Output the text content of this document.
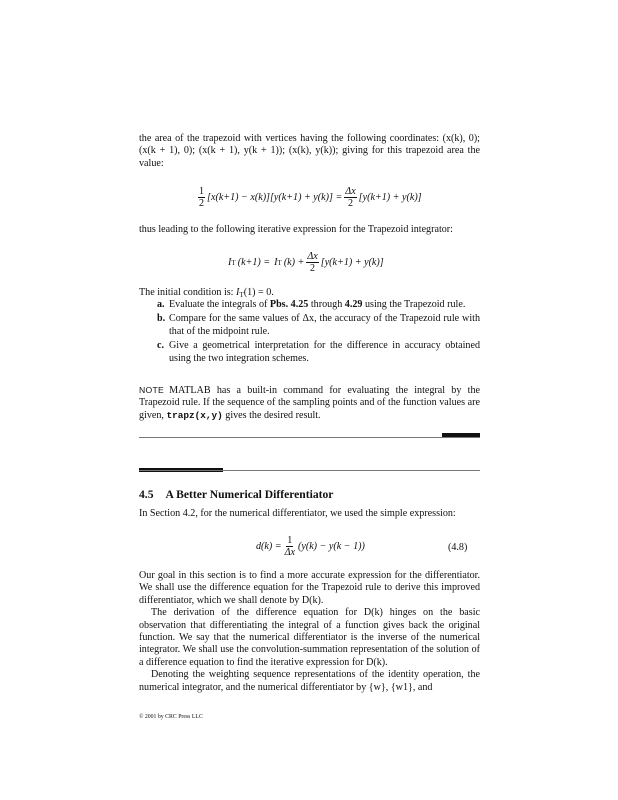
the area of the trapezoid with vertices having the following coordinates: (x(k), 0); (x(k + 1), 0); (x(k + 1), y(k + 1)); (x(k), y(k)); giving for this trapezoid area the value:

$\frac{1}{2} [x(k+1) - x(k)][y(k+1) + y(k)] = \frac{\Delta x}{2} [y(k+1) + y(k)]$

thus leading to the following iterative expression for the Trapezoid integrator:

I T (k+1) = I T $(k) + \frac{\Delta x}{2} [y(k+1) + y(k)]$
The initial condition is: $I_T(1) = 0$.
a. Evaluate the integrals of Pbs. 4.25 through 4.29 using the Trapezoid rule.
b. Compare for the same values of Δx, the accuracy of the Trapezoid rule with that of the midpoint rule.
c. Give a geometrical interpretation for the difference in accuracy obtained using the two integration schemes.
NOTE MATLAB has a built-in command for evaluating the integral by the Trapezoid rule. If the sequence of the sampling points and of the function values are given, trapz(x,y) gives the desired result.
4.5 A Better Numerical Differentiator

In Section 4.2, for the numerical differentiator, we used the simple expression:

$d(k) = \frac{1}{\Delta x} (y(k) - y(k - 1))$	(4.8)

Our goal in this section is to find a more accurate expression for the differentiator. We shall use the difference equation for the Trapezoid rule to derive this improved differentiator, which we shall denote by D(k).

The derivation of the difference equation for D(k) hinges on the basic observation that differentiating the integral of a function gives back the original function. We say that the numerical differentiator is the inverse of the numerical integrator. We shall use the convolution-summation representation of the solution of a difference equation to find the iterative expression for D(k).

Denoting the weighting sequence representations of the identity operation, the numerical integrator, and the numerical differentiator by {w}, {w1}, and

© 2001 by CRC Press LLC
